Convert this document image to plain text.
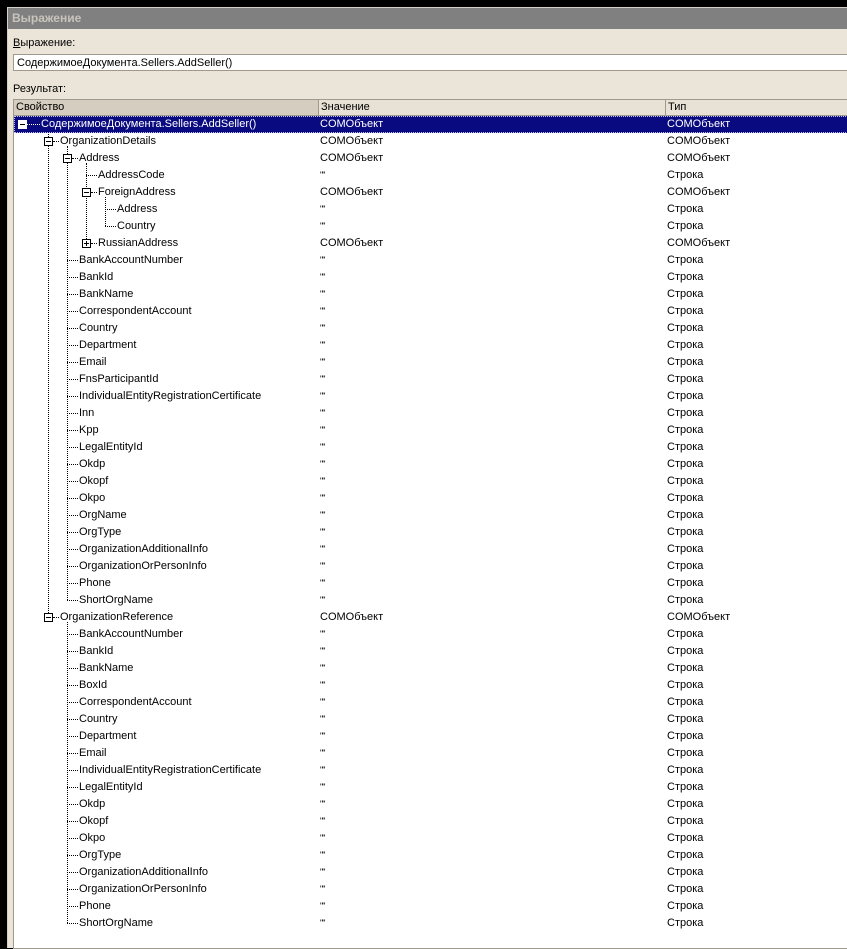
Выражение
Выражение:
СодержимоеДокумента.Sellers.AddSeller()
Результат:
Свойство	Значение	Тип
СодержимоеДокумента.Sellers.AddSeller()	COMОбъект	COMОбъект
OrganizationDetails	COMОбъект	COMОбъект
Address	COMОбъект	COMОбъект
AddressCode	""	Строка
ForeignAddress	COMОбъект	COMОбъект
Address	""	Строка
Country	""	Строка
RussianAddress	COMОбъект	COMОбъект
BankAccountNumber	""	Строка
BankId	""	Строка
BankName	""	Строка
CorrespondentAccount	""	Строка
Country	""	Строка
Department	""	Строка
Email	""	Строка
FnsParticipantId	""	Строка
IndividualEntityRegistrationCertificate	""	Строка
Inn	""	Строка
Kpp	""	Строка
LegalEntityId	""	Строка
Okdp	""	Строка
Okopf	""	Строка
Okpo	""	Строка
OrgName	""	Строка
OrgType	""	Строка
OrganizationAdditionalInfo	""	Строка
OrganizationOrPersonInfo	""	Строка
Phone	""	Строка
ShortOrgName	""	Строка
OrganizationReference	COMОбъект	COMОбъект
BankAccountNumber	""	Строка
BankId	""	Строка
BankName	""	Строка
BoxId	""	Строка
CorrespondentAccount	""	Строка
Country	""	Строка
Department	""	Строка
Email	""	Строка
IndividualEntityRegistrationCertificate	""	Строка
LegalEntityId	""	Строка
Okdp	""	Строка
Okopf	""	Строка
Okpo	""	Строка
OrgType	""	Строка
OrganizationAdditionalInfo	""	Строка
OrganizationOrPersonInfo	""	Строка
Phone	""	Строка
ShortOrgName	""	Строка
